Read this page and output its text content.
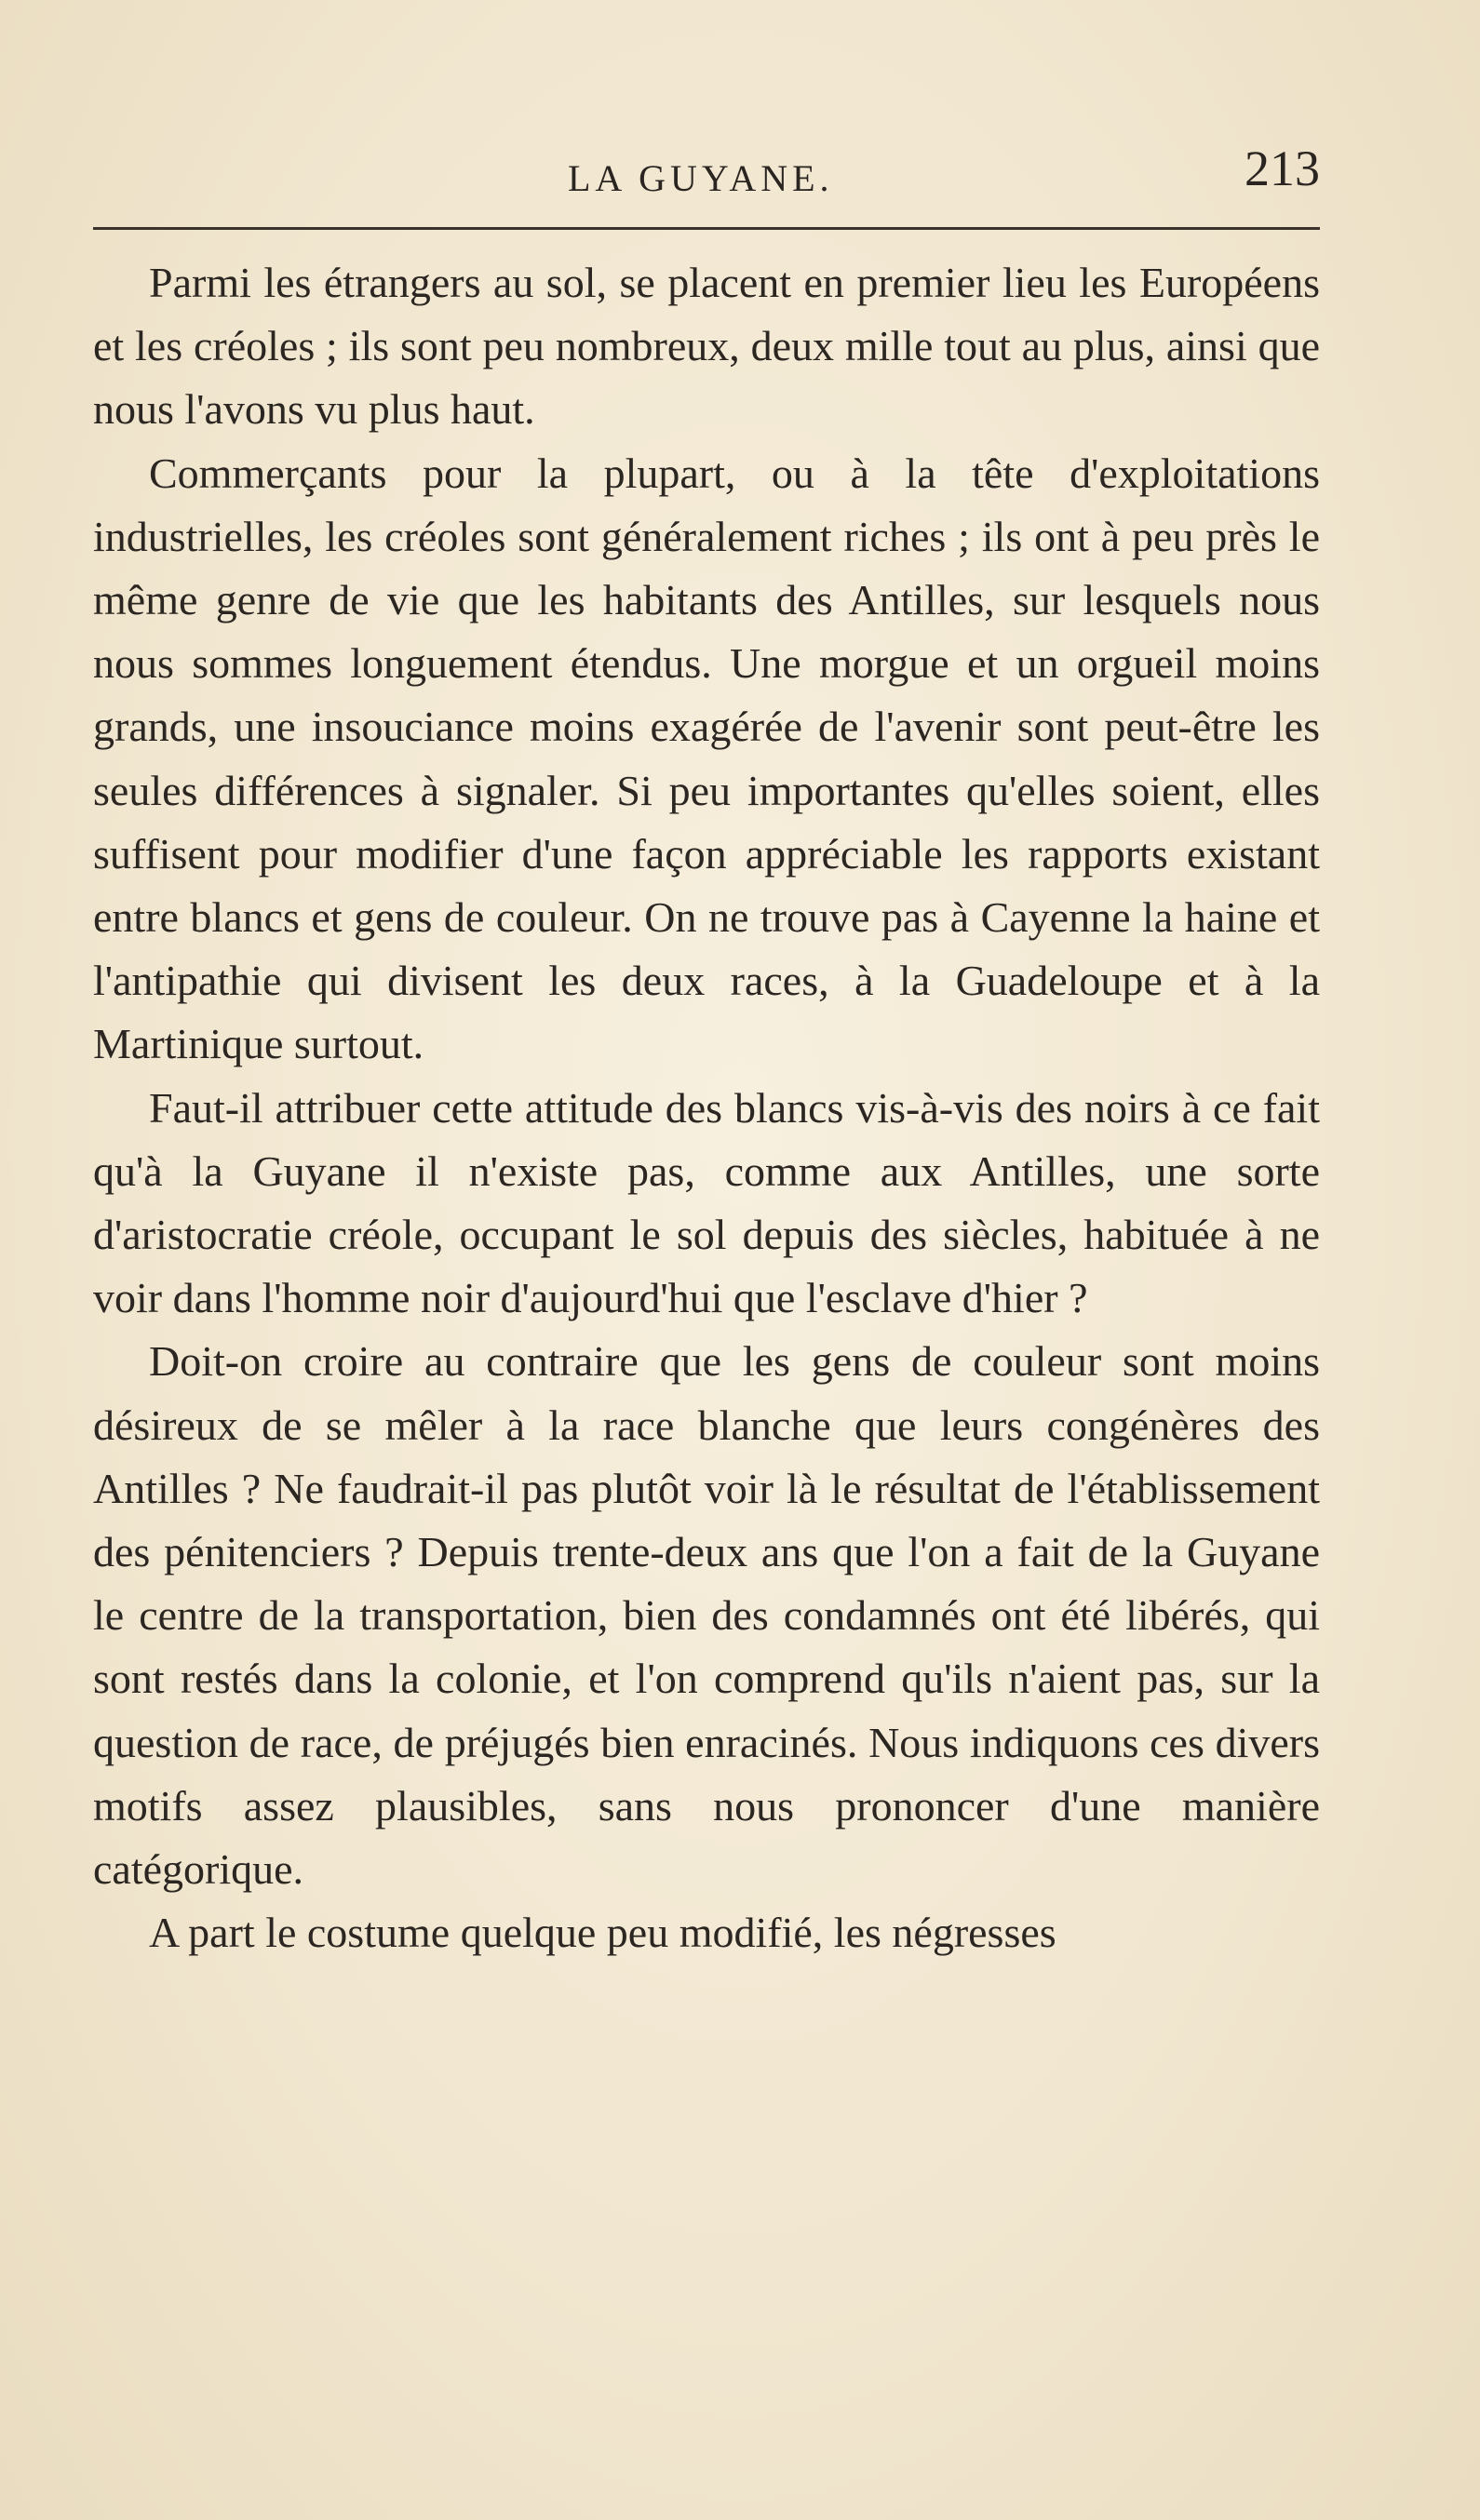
LA GUYANE.	213

Parmi les étrangers au sol, se placent en premier lieu les Européens et les créoles ; ils sont peu nombreux, deux mille tout au plus, ainsi que nous l'avons vu plus haut.

Commerçants pour la plupart, ou à la tête d'exploitations industrielles, les créoles sont généralement riches ; ils ont à peu près le même genre de vie que les habitants des Antilles, sur lesquels nous nous sommes longuement étendus. Une morgue et un orgueil moins grands, une insouciance moins exagérée de l'avenir sont peut-être les seules différences à signaler. Si peu importantes qu'elles soient, elles suffisent pour modifier d'une façon appréciable les rapports existant entre blancs et gens de couleur. On ne trouve pas à Cayenne la haine et l'antipathie qui divisent les deux races, à la Guadeloupe et à la Martinique surtout.

Faut-il attribuer cette attitude des blancs vis-à-vis des noirs à ce fait qu'à la Guyane il n'existe pas, comme aux Antilles, une sorte d'aristocratie créole, occupant le sol depuis des siècles, habituée à ne voir dans l'homme noir d'aujourd'hui que l'esclave d'hier ?

Doit-on croire au contraire que les gens de couleur sont moins désireux de se mêler à la race blanche que leurs congénères des Antilles ? Ne faudrait-il pas plutôt voir là le résultat de l'établissement des pénitenciers ? Depuis trente-deux ans que l'on a fait de la Guyane le centre de la transportation, bien des condamnés ont été libérés, qui sont restés dans la colonie, et l'on comprend qu'ils n'aient pas, sur la question de race, de préjugés bien enracinés. Nous indiquons ces divers motifs assez plausibles, sans nous prononcer d'une manière catégorique.

A part le costume quelque peu modifié, les négresses
